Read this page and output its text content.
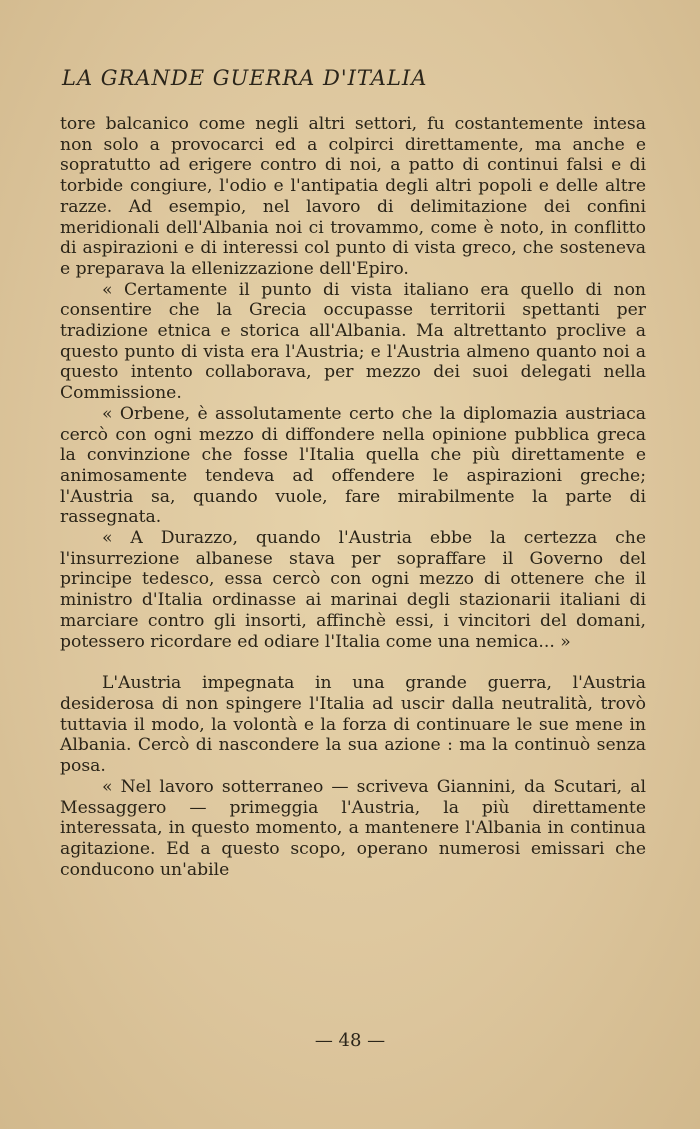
LA GRANDE GUERRA D'ITALIA

tore balcanico come negli altri settori, fu costantemente intesa non solo a provocarci ed a colpirci direttamente, ma anche e sopratutto ad erigere contro di noi, a patto di continui falsi e di torbide congiure, l'odio e l'antipatia degli altri popoli e delle altre razze. Ad esempio, nel lavoro di delimitazione dei confini meridionali dell'Albania noi ci trovammo, come è noto, in conflitto di aspirazioni e di interessi col punto di vista greco, che sosteneva e preparava la ellenizzazione dell'Epiro.

« Certamente il punto di vista italiano era quello di non consentire che la Grecia occupasse territorii spettanti per tradizione etnica e storica all'Albania. Ma altrettanto proclive a questo punto di vista era l'Austria; e l'Austria almeno quanto noi a questo intento collaborava, per mezzo dei suoi delegati nella Commissione.

« Orbene, è assolutamente certo che la diplomazia austriaca cercò con ogni mezzo di diffondere nella opinione pubblica greca la convinzione che fosse l'Italia quella che più direttamente e animosamente tendeva ad offendere le aspirazioni greche; l'Austria sa, quando vuole, fare mirabilmente la parte di rassegnata.

« A Durazzo, quando l'Austria ebbe la certezza che l'insurrezione albanese stava per sopraffare il Governo del principe tedesco, essa cercò con ogni mezzo di ottenere che il ministro d'Italia ordinasse ai marinai degli stazionarii italiani di marciare contro gli insorti, affinchè essi, i vincitori del domani, potessero ricordare ed odiare l'Italia come una nemica... »

L'Austria impegnata in una grande guerra, l'Austria desiderosa di non spingere l'Italia ad uscir dalla neutralità, trovò tuttavia il modo, la volontà e la forza di continuare le sue mene in Albania. Cercò di nascondere la sua azione : ma la continuò senza posa.

« Nel lavoro sotterraneo — scriveva Giannini, da Scutari, al Messaggero — primeggia l'Austria, la più direttamente interessata, in questo momento, a mantenere l'Albania in continua agitazione. Ed a questo scopo, operano numerosi emissari che conducono un'abile

— 48 —
